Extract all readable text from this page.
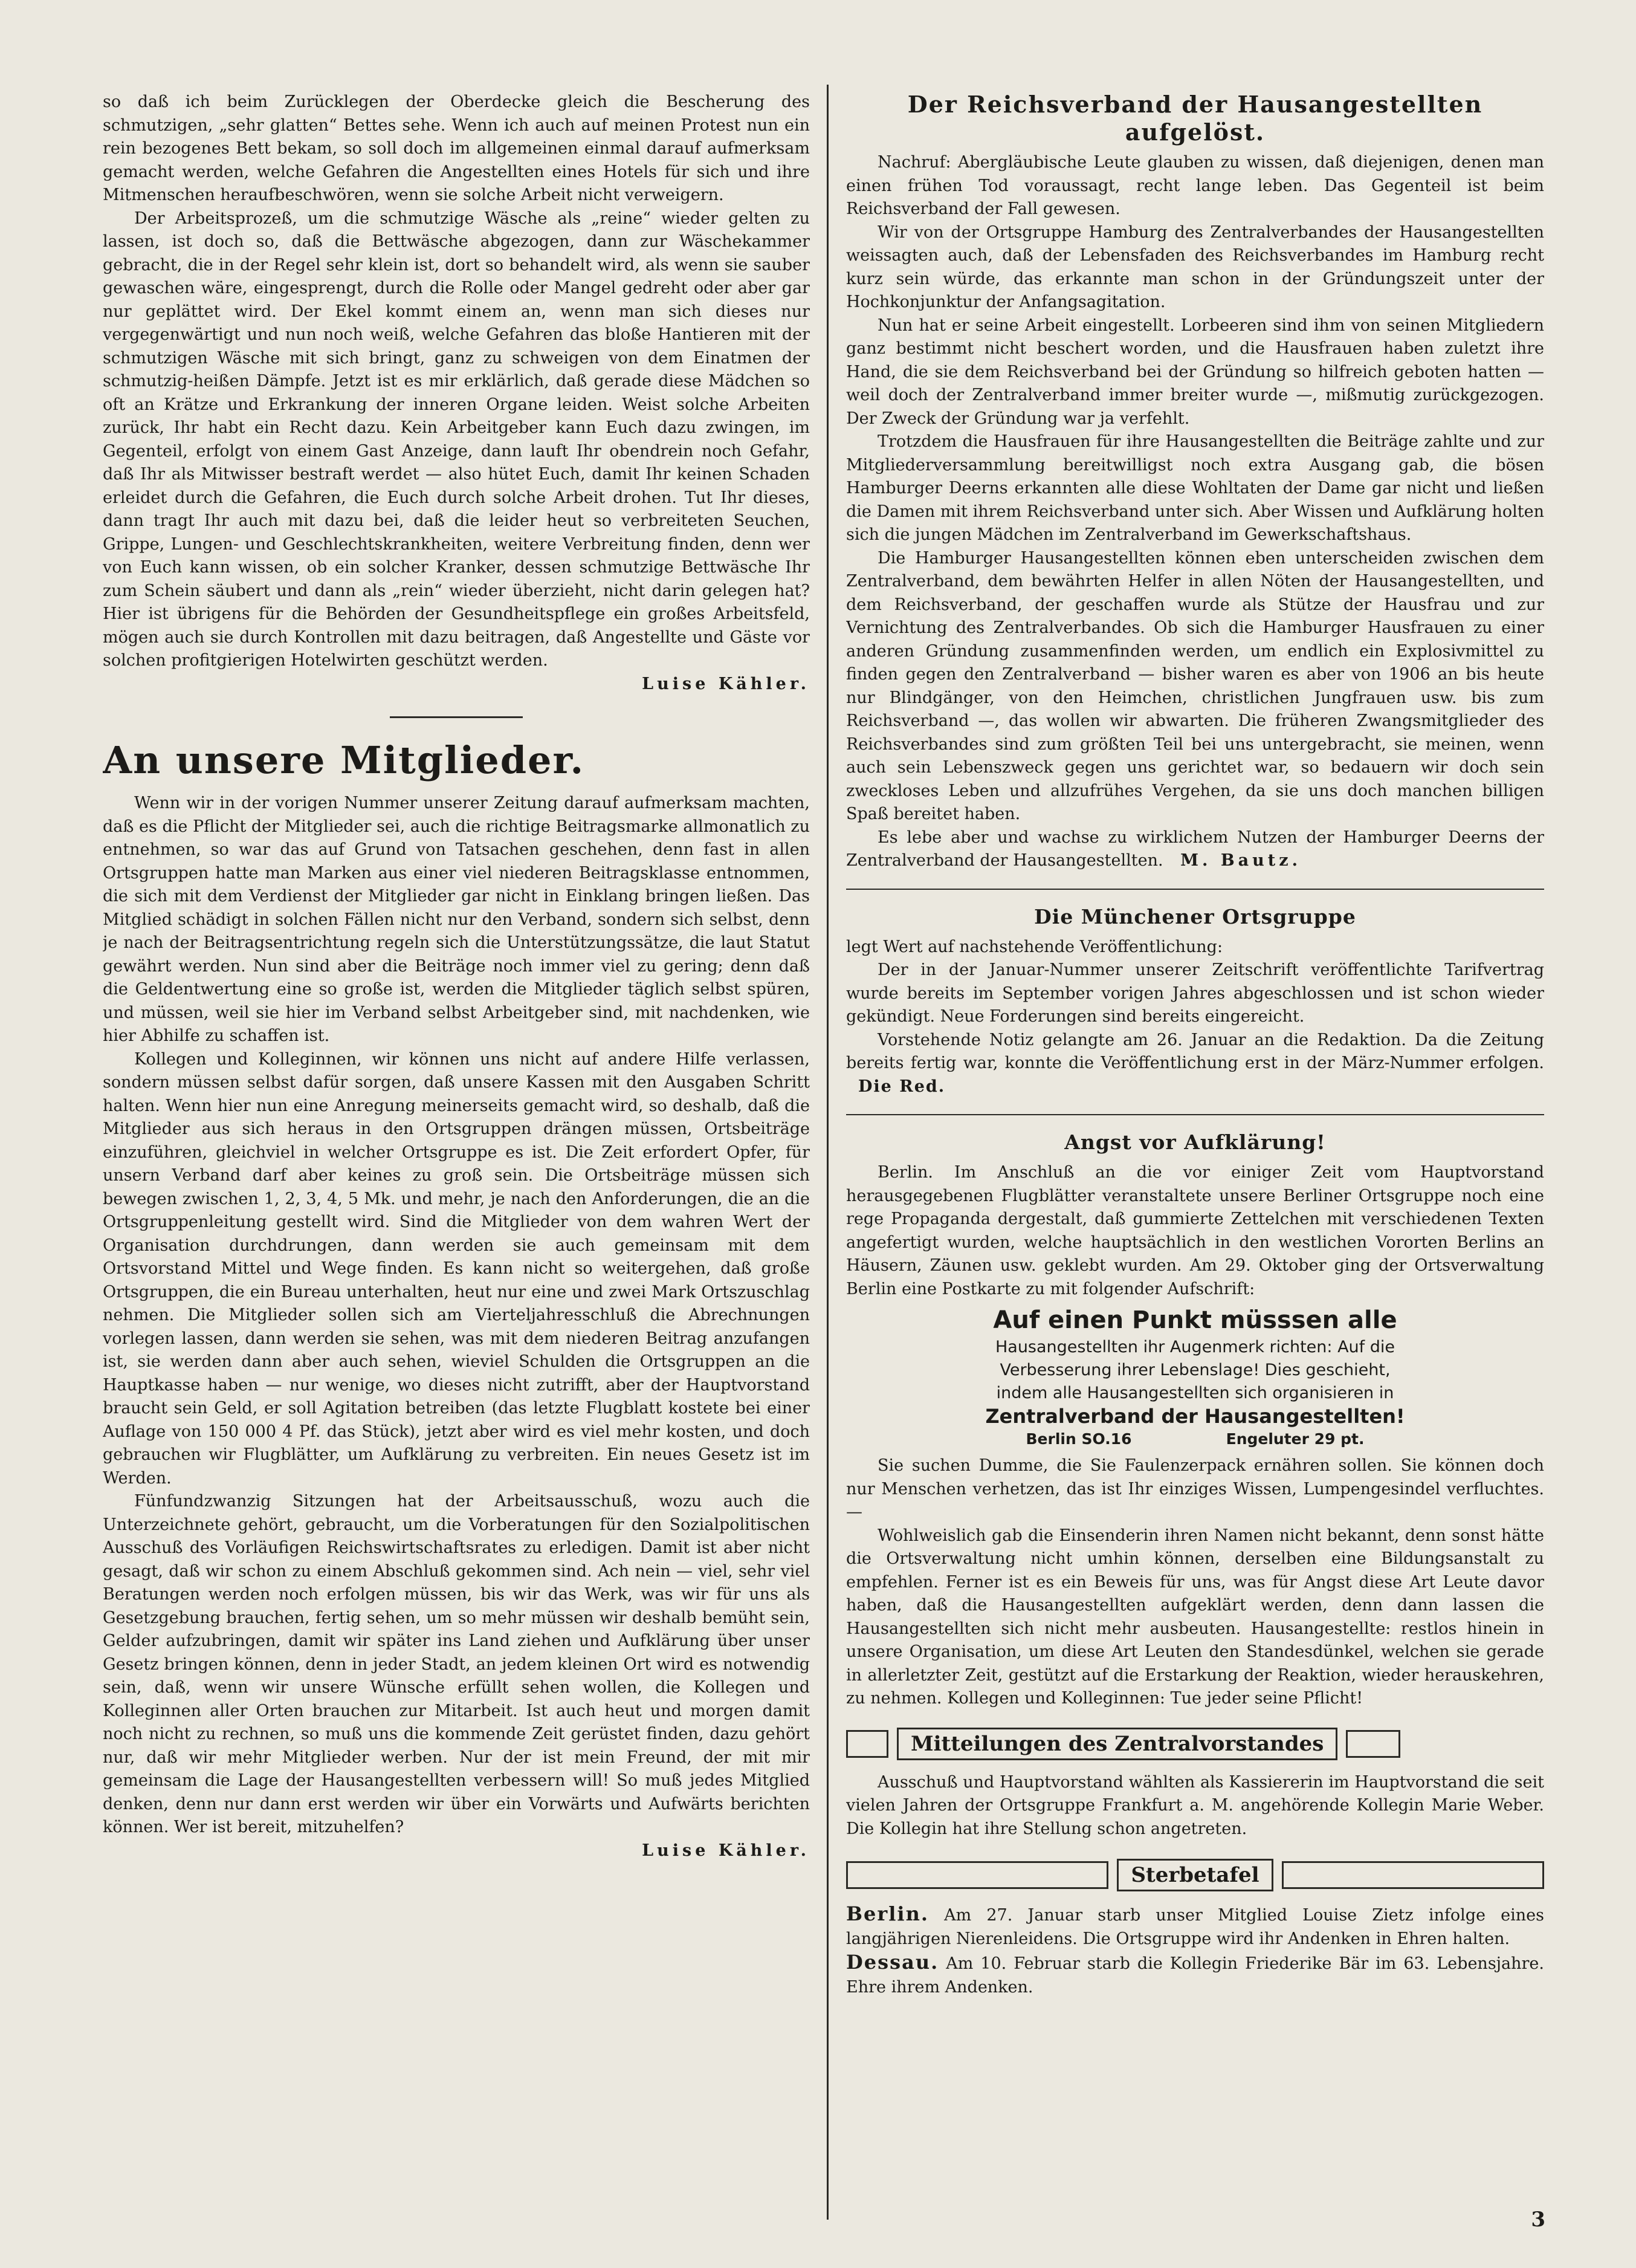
so daß ich beim Zurücklegen der Oberdecke gleich die Bescherung des schmutzigen, „sehr glatten“ Bettes sehe. Wenn ich auch auf meinen Protest nun ein rein bezogenes Bett bekam, so soll doch im allgemeinen einmal darauf aufmerksam gemacht werden, welche Gefahren die Angestellten eines Hotels für sich und ihre Mitmenschen heraufbeschwören, wenn sie solche Arbeit nicht verweigern.

Der Arbeitsprozeß, um die schmutzige Wäsche als „reine“ wieder gelten zu lassen, ist doch so, daß die Bettwäsche abgezogen, dann zur Wäschekammer gebracht, die in der Regel sehr klein ist, dort so behandelt wird, als wenn sie sauber gewaschen wäre, eingesprengt, durch die Rolle oder Mangel gedreht oder aber gar nur geplättet wird. Der Ekel kommt einem an, wenn man sich dieses nur vergegenwärtigt und nun noch weiß, welche Gefahren das bloße Hantieren mit der schmutzigen Wäsche mit sich bringt, ganz zu schweigen von dem Einatmen der schmutzig-heißen Dämpfe. Jetzt ist es mir erklärlich, daß gerade diese Mädchen so oft an Krätze und Erkrankung der inneren Organe leiden. Weist solche Arbeiten zurück, Ihr habt ein Recht dazu. Kein Arbeitgeber kann Euch dazu zwingen, im Gegenteil, erfolgt von einem Gast Anzeige, dann lauft Ihr obendrein noch Gefahr, daß Ihr als Mitwisser bestraft werdet — also hütet Euch, damit Ihr keinen Schaden erleidet durch die Gefahren, die Euch durch solche Arbeit drohen. Tut Ihr dieses, dann tragt Ihr auch mit dazu bei, daß die leider heut so verbreiteten Seuchen, Grippe, Lungen- und Geschlechtskrankheiten, weitere Verbreitung finden, denn wer von Euch kann wissen, ob ein solcher Kranker, dessen schmutzige Bettwäsche Ihr zum Schein säubert und dann als „rein“ wieder überzieht, nicht darin gelegen hat? Hier ist übrigens für die Behörden der Gesundheitspflege ein großes Arbeitsfeld, mögen auch sie durch Kontrollen mit dazu beitragen, daß Angestellte und Gäste vor solchen profitgierigen Hotelwirten geschützt werden.

Luise Kähler.
An unsere Mitglieder.

Wenn wir in der vorigen Nummer unserer Zeitung darauf aufmerksam machten, daß es die Pflicht der Mitglieder sei, auch die richtige Beitragsmarke allmonatlich zu entnehmen, so war das auf Grund von Tatsachen geschehen, denn fast in allen Ortsgruppen hatte man Marken aus einer viel niederen Beitragsklasse entnommen, die sich mit dem Verdienst der Mitglieder gar nicht in Einklang bringen ließen. Das Mitglied schädigt in solchen Fällen nicht nur den Verband, sondern sich selbst, denn je nach der Beitragsentrichtung regeln sich die Unterstützungssätze, die laut Statut gewährt werden. Nun sind aber die Beiträge noch immer viel zu gering; denn daß die Geldentwertung eine so große ist, werden die Mitglieder täglich selbst spüren, und müssen, weil sie hier im Verband selbst Arbeitgeber sind, mit nachdenken, wie hier Abhilfe zu schaffen ist.

Kollegen und Kolleginnen, wir können uns nicht auf andere Hilfe verlassen, sondern müssen selbst dafür sorgen, daß unsere Kassen mit den Ausgaben Schritt halten. Wenn hier nun eine Anregung meinerseits gemacht wird, so deshalb, daß die Mitglieder aus sich heraus in den Ortsgruppen drängen müssen, Ortsbeiträge einzuführen, gleichviel in welcher Ortsgruppe es ist. Die Zeit erfordert Opfer, für unsern Verband darf aber keines zu groß sein. Die Ortsbeiträge müssen sich bewegen zwischen 1, 2, 3, 4, 5 Mk. und mehr, je nach den Anforderungen, die an die Ortsgruppenleitung gestellt wird. Sind die Mitglieder von dem wahren Wert der Organisation durchdrungen, dann werden sie auch gemeinsam mit dem Ortsvorstand Mittel und Wege finden. Es kann nicht so weitergehen, daß große Ortsgruppen, die ein Bureau unterhalten, heut nur eine und zwei Mark Ortszuschlag nehmen. Die Mitglieder sollen sich am Vierteljahresschluß die Abrechnungen vorlegen lassen, dann werden sie sehen, was mit dem niederen Beitrag anzufangen ist, sie werden dann aber auch sehen, wieviel Schulden die Ortsgruppen an die Hauptkasse haben — nur wenige, wo dieses nicht zutrifft, aber der Hauptvorstand braucht sein Geld, er soll Agitation betreiben (das letzte Flugblatt kostete bei einer Auflage von 150 000 4 Pf. das Stück), jetzt aber wird es viel mehr kosten, und doch gebrauchen wir Flugblätter, um Aufklärung zu verbreiten. Ein neues Gesetz ist im Werden.

Fünfundzwanzig Sitzungen hat der Arbeitsausschuß, wozu auch die Unterzeichnete gehört, gebraucht, um die Vorberatungen für den Sozialpolitischen Ausschuß des Vorläufigen Reichswirtschaftsrates zu erledigen. Damit ist aber nicht gesagt, daß wir schon zu einem Abschluß gekommen sind. Ach nein — viel, sehr viel Beratungen werden noch erfolgen müssen, bis wir das Werk, was wir für uns als Gesetzgebung brauchen, fertig sehen, um so mehr müssen wir deshalb bemüht sein, Gelder aufzubringen, damit wir später ins Land ziehen und Aufklärung über unser Gesetz bringen können, denn in jeder Stadt, an jedem kleinen Ort wird es notwendig sein, daß, wenn wir unsere Wünsche erfüllt sehen wollen, die Kollegen und Kolleginnen aller Orten brauchen zur Mitarbeit. Ist auch heut und morgen damit noch nicht zu rechnen, so muß uns die kommende Zeit gerüstet finden, dazu gehört nur, daß wir mehr Mitglieder werben. Nur der ist mein Freund, der mit mir gemeinsam die Lage der Hausangestellten verbessern will! So muß jedes Mitglied denken, denn nur dann erst werden wir über ein Vorwärts und Aufwärts berichten können. Wer ist bereit, mitzuhelfen?

Luise Kähler.
Der Reichsverband der Hausangestellten aufgelöst.

Nachruf: Abergläubische Leute glauben zu wissen, daß diejenigen, denen man einen frühen Tod voraussagt, recht lange leben. Das Gegenteil ist beim Reichsverband der Fall gewesen.

Wir von der Ortsgruppe Hamburg des Zentralverbandes der Hausangestellten weissagten auch, daß der Lebensfaden des Reichsverbandes im Hamburg recht kurz sein würde, das erkannte man schon in der Gründungszeit unter der Hochkonjunktur der Anfangsagitation.

Nun hat er seine Arbeit eingestellt. Lorbeeren sind ihm von seinen Mitgliedern ganz bestimmt nicht beschert worden, und die Hausfrauen haben zuletzt ihre Hand, die sie dem Reichsverband bei der Gründung so hilfreich geboten hatten — weil doch der Zentralverband immer breiter wurde —, mißmutig zurückgezogen. Der Zweck der Gründung war ja verfehlt.

Trotzdem die Hausfrauen für ihre Hausangestellten die Beiträge zahlte und zur Mitgliederversammlung bereitwilligst noch extra Ausgang gab, die bösen Hamburger Deerns erkannten alle diese Wohltaten der Dame gar nicht und ließen die Damen mit ihrem Reichsverband unter sich. Aber Wissen und Aufklärung holten sich die jungen Mädchen im Zentralverband im Gewerkschaftshaus.

Die Hamburger Hausangestellten können eben unterscheiden zwischen dem Zentralverband, dem bewährten Helfer in allen Nöten der Hausangestellten, und dem Reichsverband, der geschaffen wurde als Stütze der Hausfrau und zur Vernichtung des Zentralverbandes. Ob sich die Hamburger Hausfrauen zu einer anderen Gründung zusammenfinden werden, um endlich ein Explosivmittel zu finden gegen den Zentralverband — bisher waren es aber von 1906 an bis heute nur Blindgänger, von den Heimchen, christlichen Jungfrauen usw. bis zum Reichsverband —, das wollen wir abwarten. Die früheren Zwangsmitglieder des Reichsverbandes sind zum größten Teil bei uns untergebracht, sie meinen, wenn auch sein Lebenszweck gegen uns gerichtet war, so bedauern wir doch sein zweckloses Leben und allzufrühes Vergehen, da sie uns doch manchen billigen Spaß bereitet haben.

Es lebe aber und wachse zu wirklichem Nutzen der Hamburger Deerns der Zentralverband der Hausangestellten. M. Bautz.

Die Münchener Ortsgruppe

legt Wert auf nachstehende Veröffentlichung:

Der in der Januar-Nummer unserer Zeitschrift veröffentlichte Tarifvertrag wurde bereits im September vorigen Jahres abgeschlossen und ist schon wieder gekündigt. Neue Forderungen sind bereits eingereicht.

Vorstehende Notiz gelangte am 26. Januar an die Redaktion. Da die Zeitung bereits fertig war, konnte die Veröffentlichung erst in der März-Nummer erfolgen. Die Red.

Angst vor Aufklärung!

Berlin. Im Anschluß an die vor einiger Zeit vom Hauptvorstand herausgegebenen Flugblätter veranstaltete unsere Berliner Ortsgruppe noch eine rege Propaganda dergestalt, daß gummierte Zettelchen mit verschiedenen Texten angefertigt wurden, welche hauptsächlich in den westlichen Vororten Berlins an Häusern, Zäunen usw. geklebt wurden. Am 29. Oktober ging der Ortsverwaltung Berlin eine Postkarte zu mit folgender Aufschrift:

Auf einen Punkt müsssen alle
Hausangestellten ihr Augenmerk richten: Auf die
Verbesserung ihrer Lebenslage! Dies geschieht,
indem alle Hausangestellten sich organisieren in
Zentralverband der Hausangestellten!
Berlin SO.16	Engeluter 29 pt.

Sie suchen Dumme, die Sie Faulenzerpack ernähren sollen. Sie können doch nur Menschen verhetzen, das ist Ihr einziges Wissen, Lumpengesindel verfluchtes. —

Wohlweislich gab die Einsenderin ihren Namen nicht bekannt, denn sonst hätte die Ortsverwaltung nicht umhin können, derselben eine Bildungsanstalt zu empfehlen. Ferner ist es ein Beweis für uns, was für Angst diese Art Leute davor haben, daß die Hausangestellten aufgeklärt werden, denn dann lassen die Hausangestellten sich nicht mehr ausbeuten. Hausangestellte: restlos hinein in unsere Organisation, um diese Art Leuten den Standesdünkel, welchen sie gerade in allerletzter Zeit, gestützt auf die Erstarkung der Reaktion, wieder herauskehren, zu nehmen. Kollegen und Kolleginnen: Tue jeder seine Pflicht!

Mitteilungen des Zentralvorstandes

Ausschuß und Hauptvorstand wählten als Kassiererin im Hauptvorstand die seit vielen Jahren der Ortsgruppe Frankfurt a. M. angehörende Kollegin Marie Weber. Die Kollegin hat ihre Stellung schon angetreten.

Sterbetafel

Berlin. Am 27. Januar starb unser Mitglied Louise Zietz infolge eines langjährigen Nierenleidens. Die Ortsgruppe wird ihr Andenken in Ehren halten.

Dessau. Am 10. Februar starb die Kollegin Friederike Bär im 63. Lebensjahre. Ehre ihrem Andenken.

3
